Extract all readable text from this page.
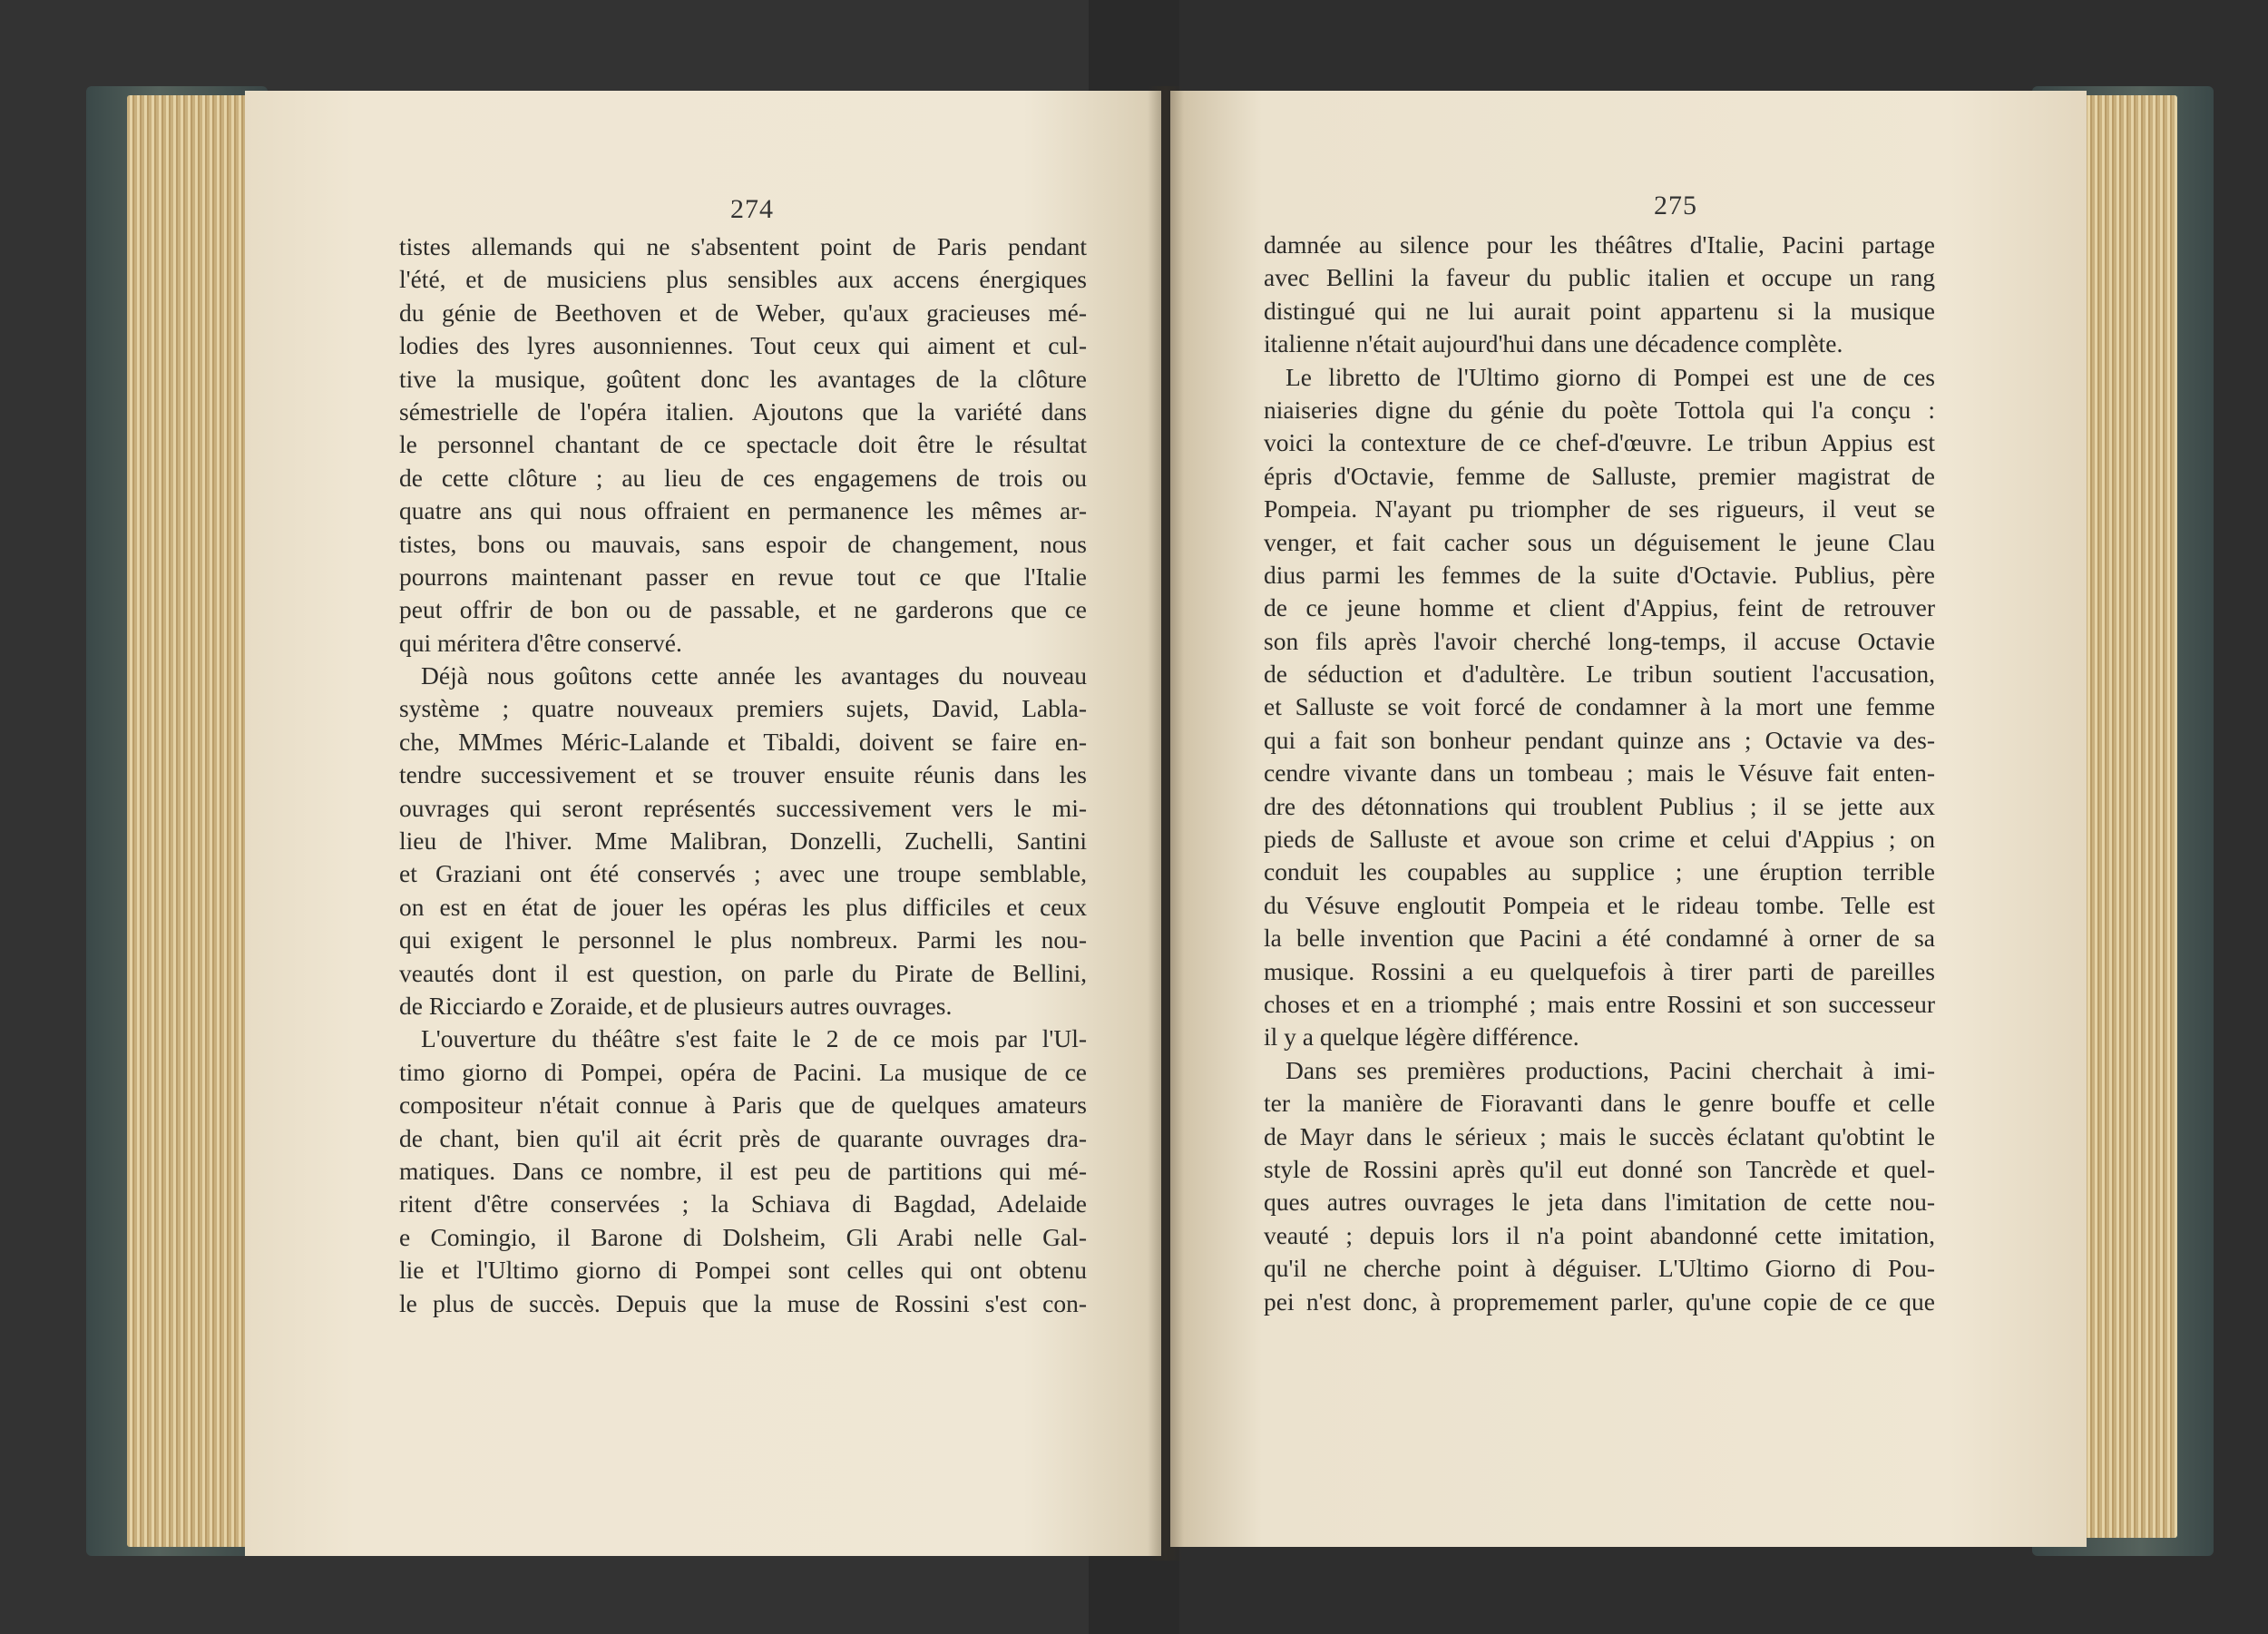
274	275
tistes allemands qui ne s'absentent point de Paris pendant
l'été, et de musiciens plus sensibles aux accens énergiques
du génie de Beethoven et de Weber, qu'aux gracieuses mé-
lodies des lyres ausonniennes. Tout ceux qui aiment et cul-
tive la musique, goûtent donc les avantages de la clôture
sémestrielle de l'opéra italien. Ajoutons que la variété dans
le personnel chantant de ce spectacle doit être le résultat
de cette clôture ; au lieu de ces engagemens de trois ou
quatre ans qui nous offraient en permanence les mêmes ar-
tistes, bons ou mauvais, sans espoir de changement, nous
pourrons maintenant passer en revue tout ce que l'Italie
peut offrir de bon ou de passable, et ne garderons que ce
qui méritera d'être conservé.
Déjà nous goûtons cette année les avantages du nouveau
système ; quatre nouveaux premiers sujets, David, Labla-
che, MMmes Méric-Lalande et Tibaldi, doivent se faire en-
tendre successivement et se trouver ensuite réunis dans les
ouvrages qui seront représentés successivement vers le mi-
lieu de l'hiver. Mme Malibran, Donzelli, Zuchelli, Santini
et Graziani ont été conservés ; avec une troupe semblable,
on est en état de jouer les opéras les plus difficiles et ceux
qui exigent le personnel le plus nombreux. Parmi les nou-
veautés dont il est question, on parle du Pirate de Bellini,
de Ricciardo e Zoraide, et de plusieurs autres ouvrages.
L'ouverture du théâtre s'est faite le 2 de ce mois par l'Ul-
timo giorno di Pompei, opéra de Pacini. La musique de ce
compositeur n'était connue à Paris que de quelques amateurs
de chant, bien qu'il ait écrit près de quarante ouvrages dra-
matiques. Dans ce nombre, il est peu de partitions qui mé-
ritent d'être conservées ; la Schiava di Bagdad, Adelaide
e Comingio, il Barone di Dolsheim, Gli Arabi nelle Gal-
lie et l'Ultimo giorno di Pompei sont celles qui ont obtenu
le plus de succès. Depuis que la muse de Rossini s'est con-
damnée au silence pour les théâtres d'Italie, Pacini partage
avec Bellini la faveur du public italien et occupe un rang
distingué qui ne lui aurait point appartenu si la musique
italienne n'était aujourd'hui dans une décadence complète.
Le libretto de l'Ultimo giorno di Pompei est une de ces
niaiseries digne du génie du poète Tottola qui l'a conçu :
voici la contexture de ce chef-d'œuvre. Le tribun Appius est
épris d'Octavie, femme de Salluste, premier magistrat de
Pompeia. N'ayant pu triompher de ses rigueurs, il veut se
venger, et fait cacher sous un déguisement le jeune Clau
dius parmi les femmes de la suite d'Octavie. Publius, père
de ce jeune homme et client d'Appius, feint de retrouver
son fils après l'avoir cherché long-temps, il accuse Octavie
de séduction et d'adultère. Le tribun soutient l'accusation,
et Salluste se voit forcé de condamner à la mort une femme
qui a fait son bonheur pendant quinze ans ; Octavie va des-
cendre vivante dans un tombeau ; mais le Vésuve fait enten-
dre des détonnations qui troublent Publius ; il se jette aux
pieds de Salluste et avoue son crime et celui d'Appius ; on
conduit les coupables au supplice ; une éruption terrible
du Vésuve engloutit Pompeia et le rideau tombe. Telle est
la belle invention que Pacini a été condamné à orner de sa
musique. Rossini a eu quelquefois à tirer parti de pareilles
choses et en a triomphé ; mais entre Rossini et son successeur
il y a quelque légère différence.
Dans ses premières productions, Pacini cherchait à imi-
ter la manière de Fioravanti dans le genre bouffe et celle
de Mayr dans le sérieux ; mais le succès éclatant qu'obtint le
style de Rossini après qu'il eut donné son Tancrède et quel-
ques autres ouvrages le jeta dans l'imitation de cette nou-
veauté ; depuis lors il n'a point abandonné cette imitation,
qu'il ne cherche point à déguiser. L'Ultimo Giorno di Pou-
pei n'est donc, à propremement parler, qu'une copie de ce que
